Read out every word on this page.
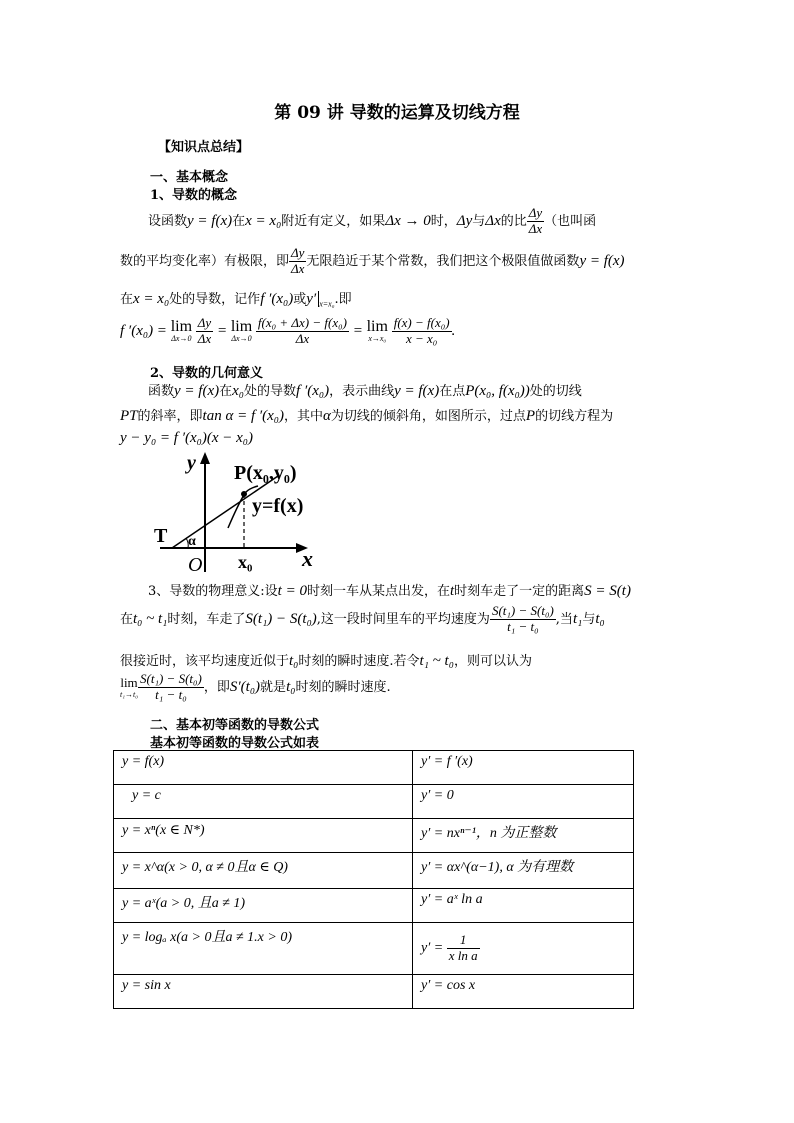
第 09 讲 导数的运算及切线方程
【知识点总结】
一、基本概念
1、导数的概念
设函数y = f(x)在x = x₀附近有定义，如果Δx → 0时，Δy与Δx的比 $\frac{\Delta y}{\Delta x}$ （也叫函
数的平均变化率）有极限，即 $\frac{\Delta y}{\Delta x}$ 无限趋近于某个常数，我们把这个极限值做函数y = f(x)
在x = x₀处的导数，记作f ′(x₀)或y′ $_{x=x_0}$.即
f ′(x₀) = lim
Δx→0
$\frac{\Delta y}{\Delta x} = \lim$
Δx→0
$\frac{\text{f(x₀ + Δx) − f(x₀)}}{\Delta x} = \lim$
x→x₀
$\frac{\text{f(x) − f(x₀)}}{\text{x − x₀}}$ .
2、导数的几何意义
函数y = f(x)在x₀处的导数f ′(x₀)，表示曲线y = f(x)在点P(x₀, f(x₀))处的切线
PT的斜率，即tan α = f ′(x₀)，其中α为切线的倾斜角，如图所示，过点P的切线方程为
y − y₀ = f ′(x₀)(x − x₀)
y
x
O
P(x₀,y₀)
y=f(x)
T α
x₀
3、导数的物理意义:设t = 0时刻一车从某点出发，在t时刻车走了一定的距离S = S(t)
在t₀ ~ t₁时刻，车走了S(t₁) − S(t₀),这一段时间里车的平均速度为 $\frac{\text{S(t₁) − S(t₀)}}{\text{t₁ − t₀}}$ ,当t₁与t₀
很接近时，该平均速度近似于t₀时刻的瞬时速度.若令t₁ ~ t₀，则可以认为
lim
$t_1\to t_0 \frac{\text{S(t₁) − S(t₀)}}{\text{t₁ − t₀}}$ ，即S′(t₀)就是t₀时刻的瞬时速度.
二、基本初等函数的导数公式
基本初等函数的导数公式如表
y = f(x)	y′ = f ′(x)
y = c	y′ = 0
y = xⁿ(x ∈ N*)	y′ = nxⁿ⁻¹，n 为正整数
y = x^α(x > 0, α ≠ 0且α ∈ Q)	y′ = αx^(α−1), α 为有理数
y = aˣ(a > 0, 且a ≠ 1)	y′ = aˣ ln a
y = logₐ x(a > 0且a ≠ 1.x > 0)	$y' = \frac{1}{\text{x ln a}}$

y = sin x	y′ = cos x
